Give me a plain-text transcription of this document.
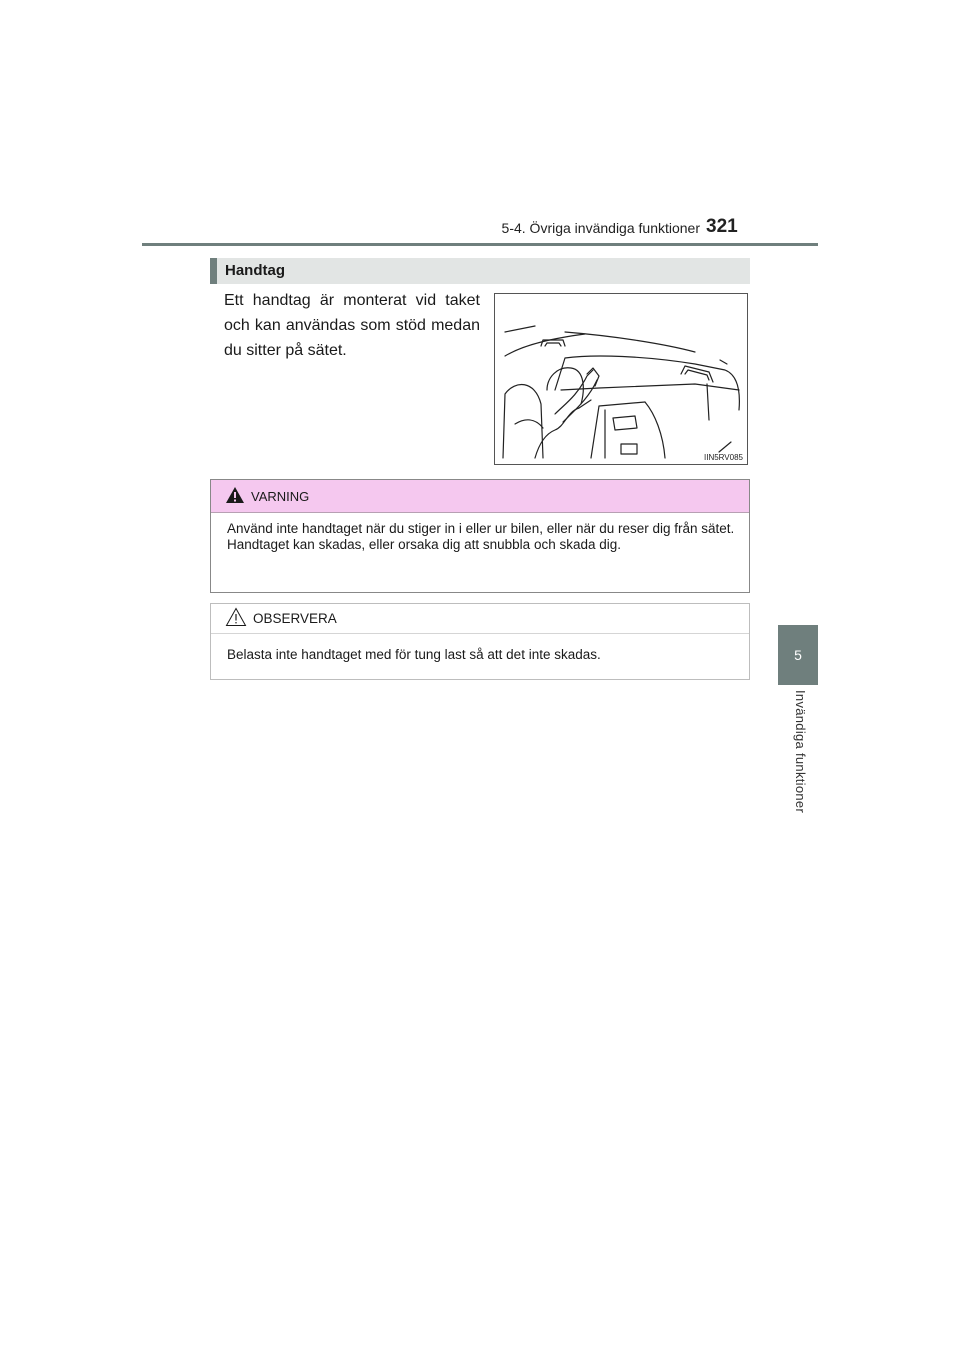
5-4. Övriga invändiga funktioner 321
5
Invändiga funktioner
Handtag

Ett handtag är monterat vid taket och kan användas som stöd medan du sitter på sätet.

IIN5RV085
VARNING

Använd inte handtaget när du stiger in i eller ur bilen, eller när du reser dig från sätet.

Handtaget kan skadas, eller orsaka dig att snubbla och skada dig.

OBSERVERA
Belasta inte handtaget med för tung last så att det inte skadas.
